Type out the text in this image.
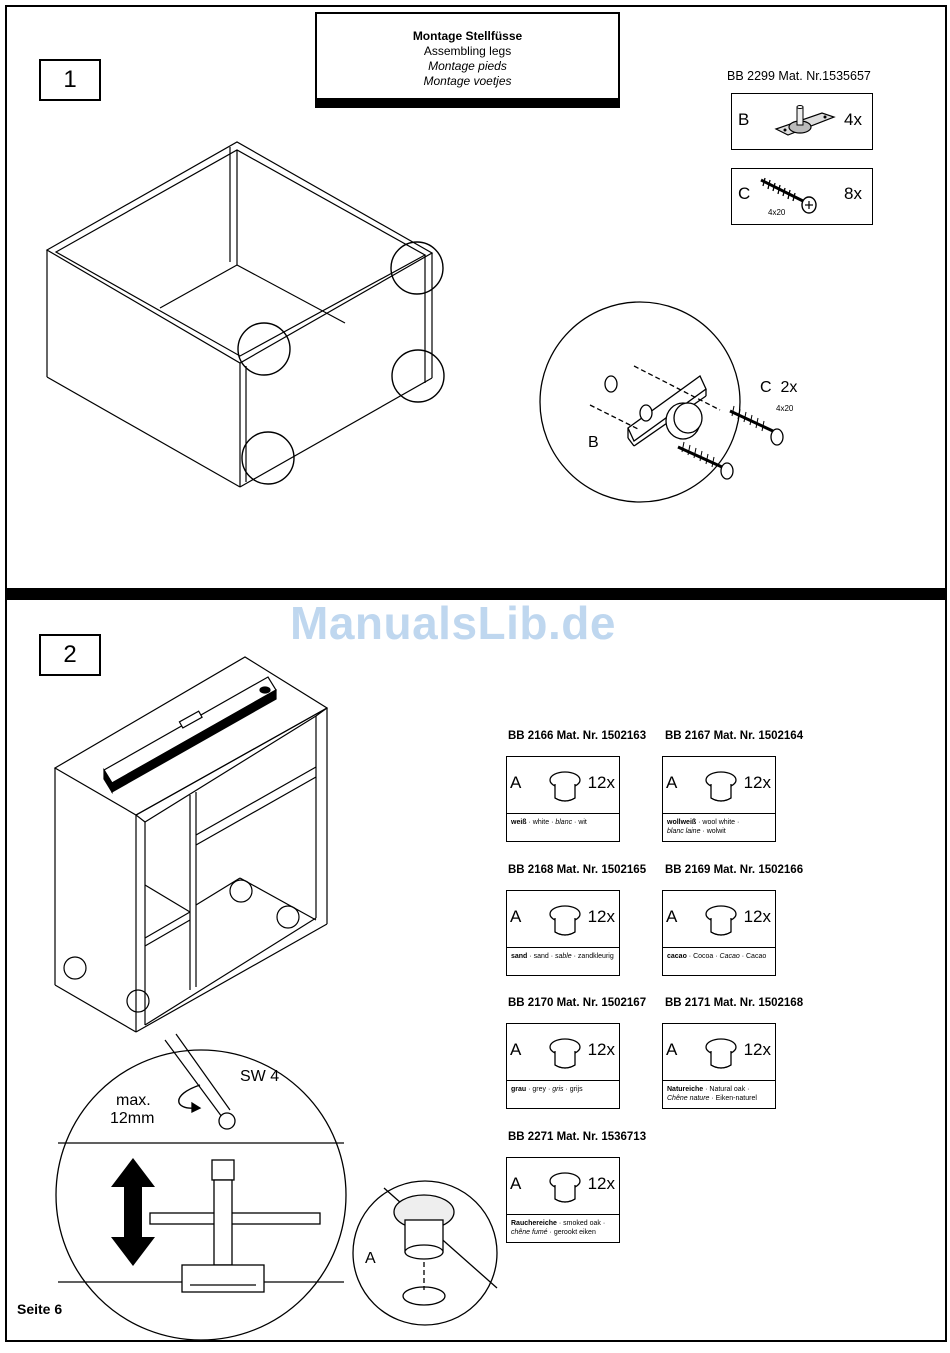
Montage Stellfüsse
Assembling legs
Montage pieds
Montage voetjes
1	BB 2299 Mat. Nr.1535657
B	4x
C
4x20
8x
C  2x
4x20
B
ManualsLib.de
2
SW 4
max.
12mm
A
BB 2166 Mat. Nr. 1502163 BB 2167 Mat. Nr. 1502164
BB 2168 Mat. Nr. 1502165 BB 2169 Mat. Nr. 1502166
BB 2170 Mat. Nr. 1502167 BB 2171 Mat. Nr. 1502168
BB 2271 Mat. Nr. 1536713
A	12x
weiß · white · blanc · wit

A	12x
wollweiß · wool white ·
blanc laine · wolwit
A	12x
sand · sand · sable · zandkleurig

A	12x
cacao · Cocoa · Cacao · Cacao

A	12x
grau · grey · gris · grijs

A	12x
Natureiche · Natural oak ·
Chêne nature · Eiken-naturel
A	12x
Rauchereiche · smoked oak ·
chêne fumé · gerookt eiken
Seite 6
